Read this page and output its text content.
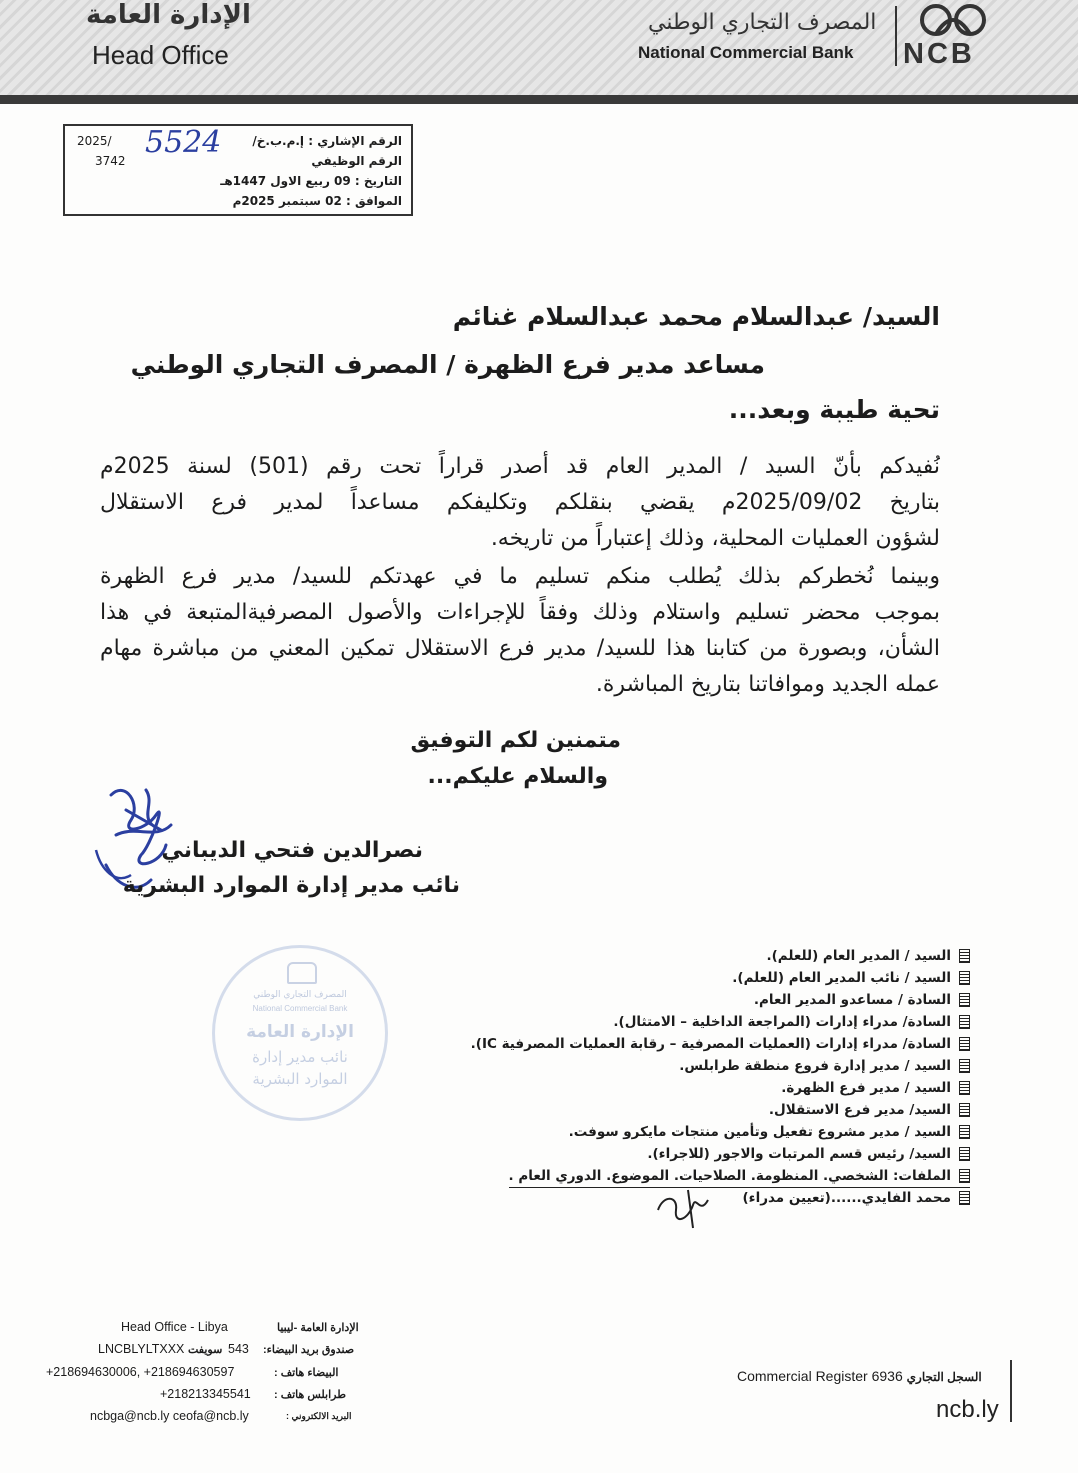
الإدارة العامة
Head Office
المصرف التجاري الوطني
National Commercial Bank NCB
2025/	الرقم الإشاري : إ.م.ب.خ/
3742	الرقم الوظيفي
التاريخ : 09 ربيع الاول 1447هـ
الموافق : 02 سبتمبر 2025م
5524
السيد/ عبدالسلام محمد عبدالسلام غنائم
مساعد مدير فرع الظهرة / المصرف التجاري الوطني
تحية طيبة وبعد...
نُفيدكم بأنّ السيد / المدير العام قد أصدر قراراً تحت رقم (501) لسنة 2025م
بتاريخ 2025/09/02م يقضي بنقلكم وتكليفكم مساعداً لمدير فرع الاستقلال
لشؤون العمليات المحلية، وذلك إعتباراً من تاريخه.
وبينما نُخطركم بذلك يُطلب منكم تسليم ما في عهدتكم للسيد/ مدير فرع الظهرة
بموجب محضر تسليم واستلام وذلك وفقاً للإجراءات والأصول المصرفيةالمتبعة في هذا
الشأن، وبصورة من كتابنا هذا للسيد/ مدير فرع الاستقلال تمكين المعني من مباشرة مهام
عمله الجديد وموافاتنا بتاريخ المباشرة.
متمنين لكم التوفيق
والسلام عليكم...
نصرالدين فتحي الديباني
نائب مدير إدارة الموارد البشرية
المصرف التجاري الوطني
National Commercial Bank
الإدارة العامة
نائب مدير إدارة
الموارد البشرية
السيد / المدير العام (للعلم).
السيد / نائب المدير العام (للعلم).
السادة / مساعدو المدير العام.
السادة/ مدراء إدارات (المراجعة الداخلية – الامتثال).
السادة/ مدراء إدارات (العمليات المصرفية – رقابة العمليات المصرفية IC).
السيد / مدير إدارة فروع منطقة طرابلس.
السيد / مدير فرع الظهرة.
السيد/ مدير فرع الاستقلال.
السيد / مدير مشروع تفعيل وتأمين منتجات مايكرو سوفت.
السيد/ رئيس قسم المرتبات والاجور (للاجراء).
الملفات: الشخصي. المنظومة. الصلاحيات. الموضوع. الدوري العام .
محمد الفايدي......(تعيين مدراء)
Head Office - Libya	الإدارة العامة -ليبيا
LNCBLYLTXXX سويفت 543 صندوق بريد البيضاء:
+218694630006, +218694630597	البيضاء هاتف :
+218213345541 طرابلس هاتف :
ncbga@ncb.ly ceofa@ncb.ly	البريد الالكتروني :
Commercial Register 6936 السجل التجاري
ncb.ly
